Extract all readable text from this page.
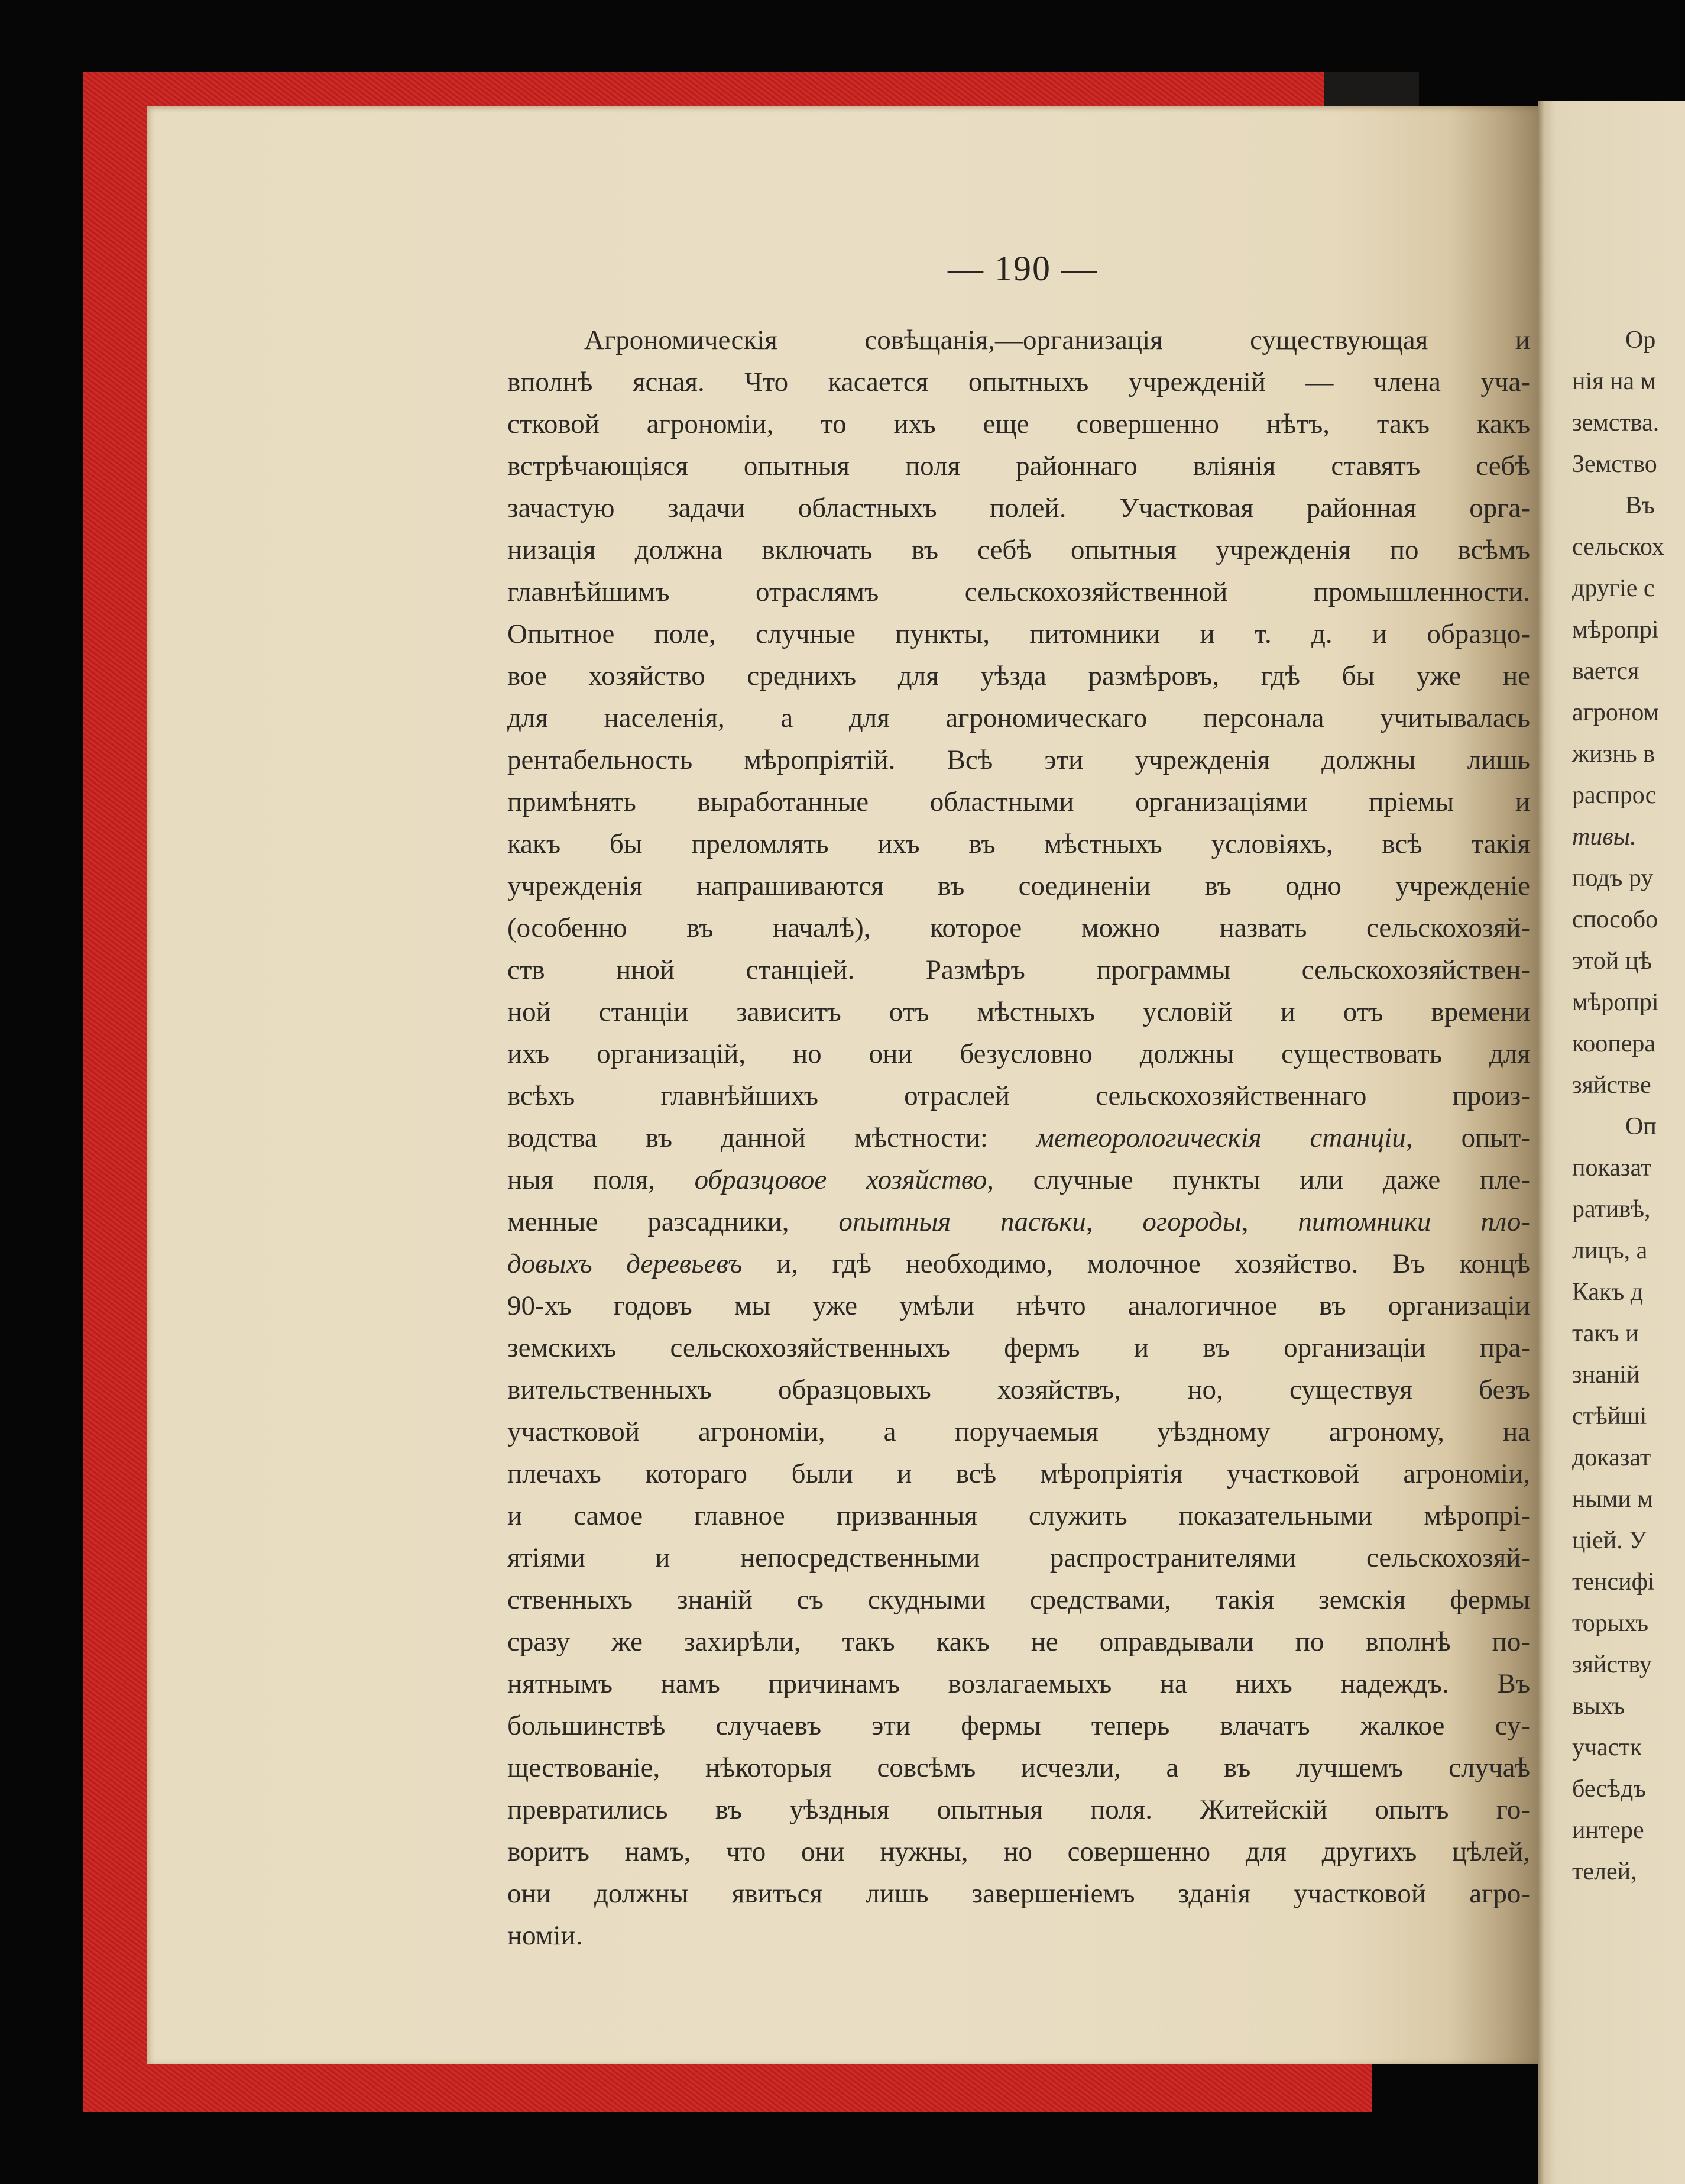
— 190 —
Агрономическія совѣщанія,—организація существующая и
вполнѣ ясная. Что касается опытныхъ учрежденій — члена уча-
стковой агрономіи, то ихъ еще совершенно нѣтъ, такъ какъ
встрѣчающіяся опытныя поля районнаго вліянія ставятъ себѣ
зачастую задачи областныхъ полей. Участковая районная орга-
низація должна включать въ себѣ опытныя учрежденія по всѣмъ
главнѣйшимъ отраслямъ сельскохозяйственной промышленности.
Опытное поле, случные пункты, питомники и т. д. и образцо-
вое хозяйство среднихъ для уѣзда размѣровъ, гдѣ бы уже не
для населенія, а для агрономическаго персонала учитывалась
рентабельность мѣропріятій. Всѣ эти учрежденія должны лишь
примѣнять выработанные областными организаціями пріемы и
какъ бы преломлять ихъ въ мѣстныхъ условіяхъ, всѣ такія
учрежденія напрашиваются въ соединеніи въ одно учрежденіе
(особенно въ началѣ), которое можно назвать сельскохозяй-
ств нной станціей. Размѣръ программы сельскохозяйствен-
ной станціи зависитъ отъ мѣстныхъ условій и отъ времени
ихъ организацій, но они безусловно должны существовать для
всѣхъ главнѣйшихъ отраслей сельскохозяйственнаго произ-
водства въ данной мѣстности: метеорологическія станціи, опыт-
ныя поля, образцовое хозяйство, случные пункты или даже пле-
менные разсадники, опытныя пасѣки, огороды, питомники пло-
довыхъ деревьевъ и, гдѣ необходимо, молочное хозяйство. Въ концѣ
90-хъ годовъ мы уже умѣли нѣчто аналогичное въ организаціи
земскихъ сельскохозяйственныхъ фермъ и въ организаціи пра-
вительственныхъ образцовыхъ хозяйствъ, но, существуя безъ
участковой агрономіи, а поручаемыя уѣздному агроному, на
плечахъ котораго были и всѣ мѣропріятія участковой агрономіи,
и самое главное призванныя служить показательными мѣропрі-
ятіями и непосредственными распространителями сельскохозяй-
ственныхъ знаній съ скудными средствами, такія земскія фермы
сразу же захирѣли, такъ какъ не оправдывали по вполнѣ по-
нятнымъ намъ причинамъ возлагаемыхъ на нихъ надеждъ. Въ
большинствѣ случаевъ эти фермы теперь влачатъ жалкое су-
ществованіе, нѣкоторыя совсѣмъ исчезли, а въ лучшемъ случаѣ
превратились въ уѣздныя опытныя поля. Житейскій опытъ го-
воритъ намъ, что они нужны, но совершенно для другихъ цѣлей,
они должны явиться лишь завершеніемъ зданія участковой агро-
номіи.
Ор
нія на м
земства.
Земство
Въ
сельскох
другіе с
мѣропрі
вается
агроном
жизнь в
распрос
тивы.
подъ ру
способо
этой цѣ
мѣропрі
коопера
зяйстве
Оп
показат
ративѣ,
лицъ, а
Какъ д
такъ и
знаній
стѣйші
доказат
ными м
ціей. У
тенсифі
торыхъ
зяйству
выхъ
участк
бесѣдъ
интере
телей,
